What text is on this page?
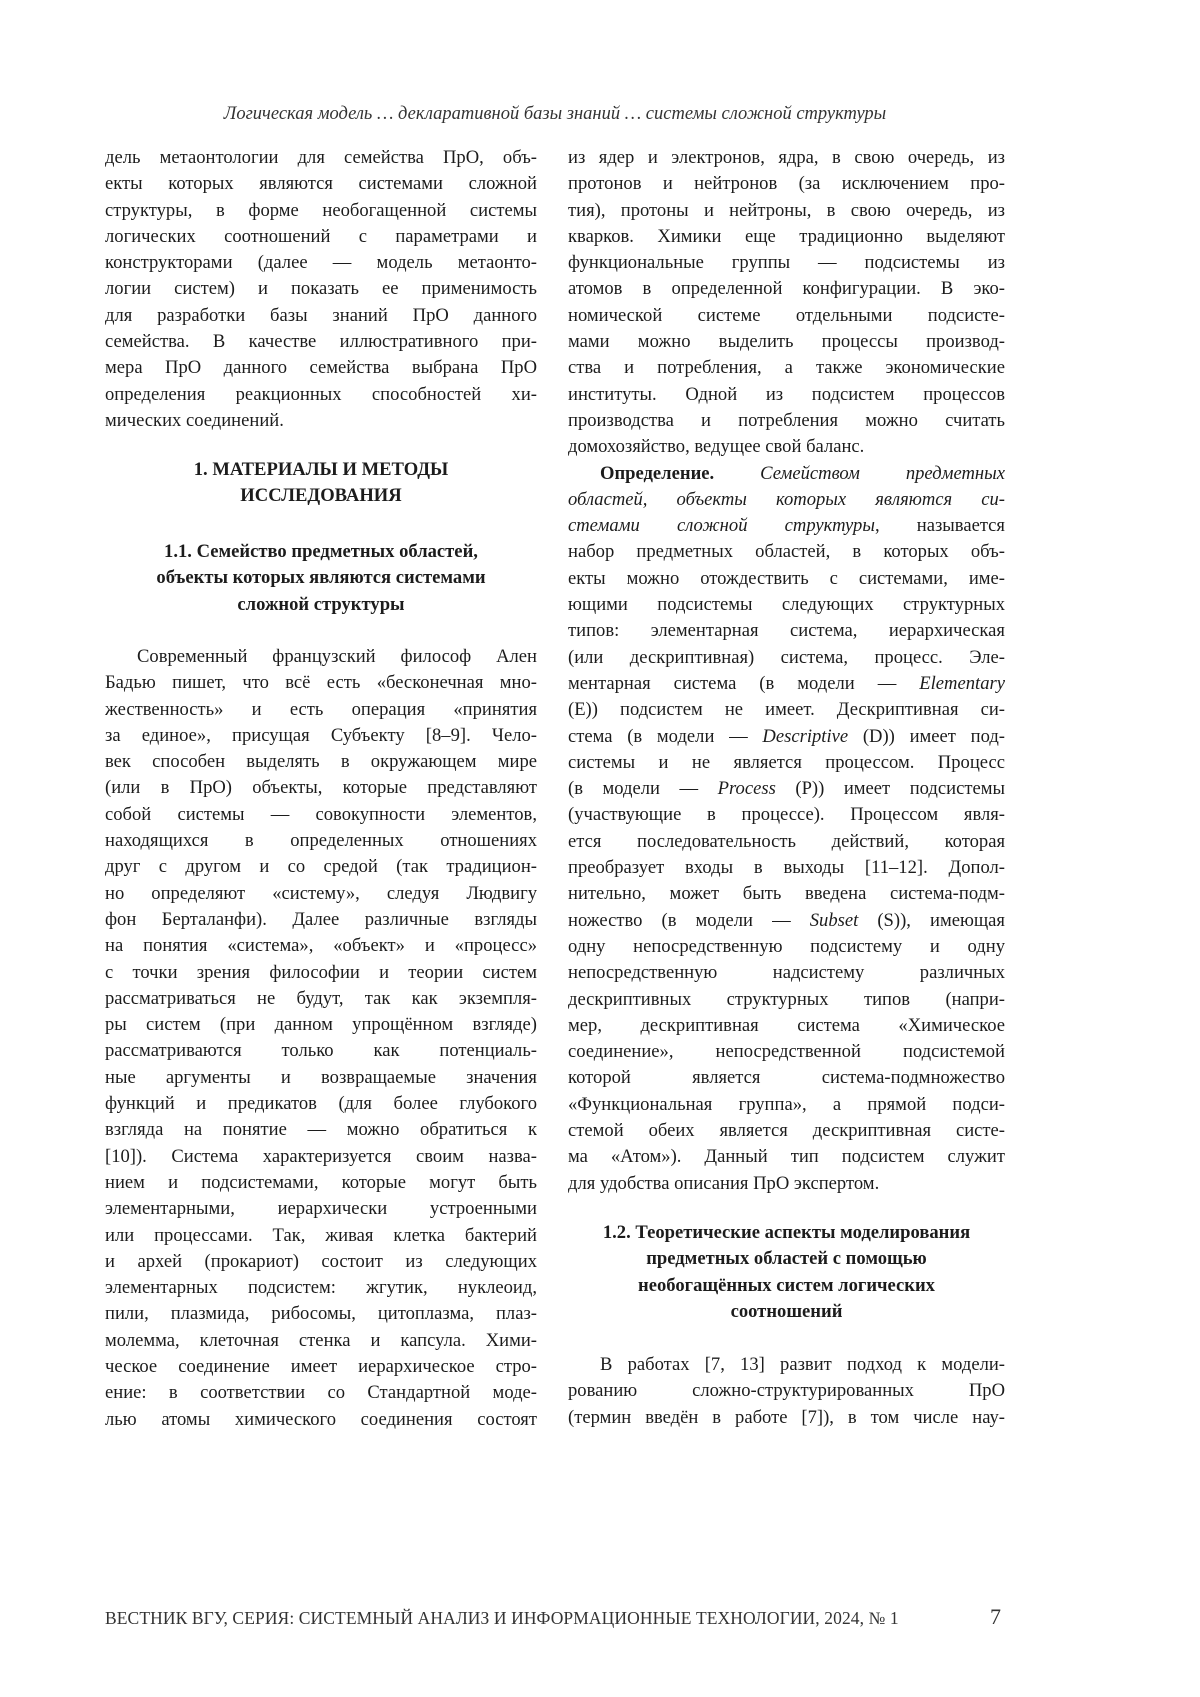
Логическая модель … декларативной базы знаний … системы сложной структуры
дель метаонтологии для семейства ПрО, объ-
екты которых являются системами сложной
структуры, в форме необогащенной системы
логических соотношений с параметрами и
конструкторами (далее — модель метаонто-
логии систем) и показать ее применимость
для разработки базы знаний ПрО данного
семейства. В качестве иллюстративного при-
мера ПрО данного семейства выбрана ПрО
определения реакционных способностей хи-
мических соединений.
1. МАТЕРИАЛЫ И МЕТОДЫ
ИССЛЕДОВАНИЯ
1.1. Семейство предметных областей,
объекты которых являются системами
сложной структуры
Современный французский философ Ален
Бадью пишет, что всё есть «бесконечная мно-
жественность» и есть операция «принятия
за единое», присущая Субъекту [8–9]. Чело-
век способен выделять в окружающем мире
(или в ПрО) объекты, которые представляют
собой системы — совокупности элементов,
находящихся в определенных отношениях
друг с другом и со средой (так традицион-
но определяют «систему», следуя Людвигу
фон Берталанфи). Далее различные взгляды
на понятия «система», «объект» и «процесс»
с точки зрения философии и теории систем
рассматриваться не будут, так как экземпля-
ры систем (при данном упрощённом взгляде)
рассматриваются только как потенциаль-
ные аргументы и возвращаемые значения
функций и предикатов (для более глубокого
взгляда на понятие — можно обратиться к
[10]). Система характеризуется своим назва-
нием и подсистемами, которые могут быть
элементарными, иерархически устроенными
или процессами. Так, живая клетка бактерий
и архей (прокариот) состоит из следующих
элементарных подсистем: жгутик, нуклеоид,
пили, плазмида, рибосомы, цитоплазма, плаз-
молемма, клеточная стенка и капсула. Хими-
ческое соединение имеет иерархическое стро-
ение: в соответствии со Стандартной моде-
лью атомы химического соединения состоят
из ядер и электронов, ядра, в свою очередь, из
протонов и нейтронов (за исключением про-
тия), протоны и нейтроны, в свою очередь, из
кварков. Химики еще традиционно выделяют
функциональные группы — подсистемы из
атомов в определенной конфигурации. В эко-
номической системе отдельными подсисте-
мами можно выделить процессы производ-
ства и потребления, а также экономические
институты. Одной из подсистем процессов
производства и потребления можно считать
домохозяйство, ведущее свой баланс.
Определение. Семейством предметных
областей, объекты которых являются си-
стемами сложной структуры, называется
набор предметных областей, в которых объ-
екты можно отождествить с системами, име-
ющими подсистемы следующих структурных
типов: элементарная система, иерархическая
(или дескриптивная) система, процесс. Эле-
ментарная система (в модели — Elementary
(E)) подсистем не имеет. Дескриптивная си-
стема (в модели — Descriptive (D)) имеет под-
системы и не является процессом. Процесс
(в модели — Process (P)) имеет подсистемы
(участвующие в процессе). Процессом явля-
ется последовательность действий, которая
преобразует входы в выходы [11–12]. Допол-
нительно, может быть введена система-подм-
ножество (в модели — Subset (S)), имеющая
одну непосредственную подсистему и одну
непосредственную надсистему различных
дескриптивных структурных типов (напри-
мер, дескриптивная система «Химическое
соединение», непосредственной подсистемой
которой является система-подмножество
«Функциональная группа», а прямой подси-
стемой обеих является дескриптивная систе-
ма «Атом»). Данный тип подсистем служит
для удобства описания ПрО экспертом.
1.2. Теоретические аспекты моделирования
предметных областей с помощью
необогащённых систем логических
соотношений
В работах [7, 13] развит подход к модели-
рованию сложно-структурированных ПрО
(термин введён в работе [7]), в том числе нау-
ВЕСТНИК ВГУ, СЕРИЯ: СИСТЕМНЫЙ АНАЛИЗ И ИНФОРМАЦИОННЫЕ ТЕХНОЛОГИИ, 2024, № 1	7
